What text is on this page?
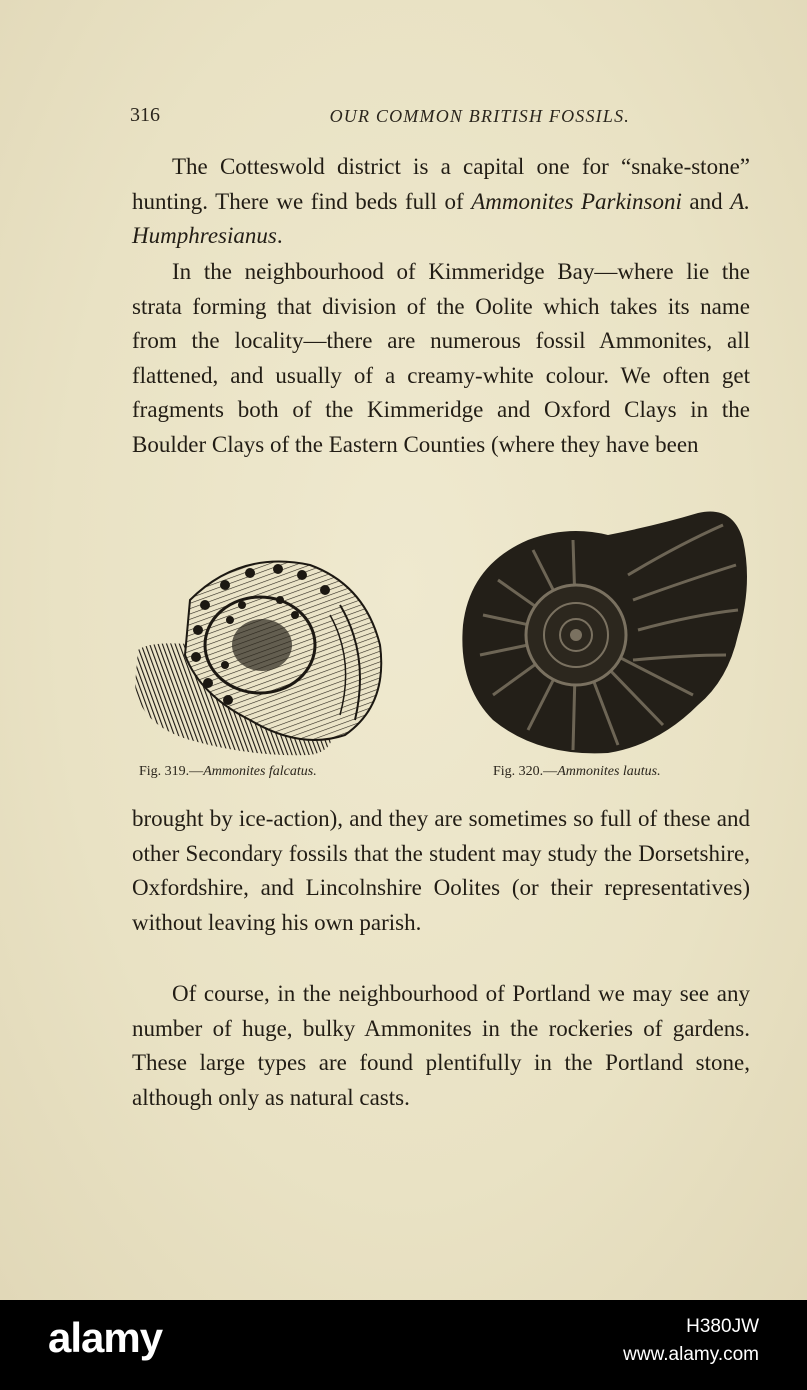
316	OUR COMMON BRITISH FOSSILS.

The Cotteswold district is a capital one for “snake-stone” hunting. There we find beds full of Ammonites Parkinsoni and A. Humphresianus.

In the neighbourhood of Kimmeridge Bay—where lie the strata forming that division of the Oolite which takes its name from the locality—there are numerous fossil Ammonites, all flattened, and usually of a creamy-white colour. We often get fragments both of the Kimmeridge and Oxford Clays in the Boulder Clays of the Eastern Counties (where they have been

Fig. 319.—Ammonites falcatus.	Fig. 320.—Ammonites lautus.

brought by ice-action), and they are sometimes so full of these and other Secondary fossils that the student may study the Dorsetshire, Oxfordshire, and Lincolnshire Oolites (or their representatives) without leaving his own parish.

Of course, in the neighbourhood of Portland we may see any number of huge, bulky Ammonites in the rockeries of gardens. These large types are found plentifully in the Portland stone, although only as natural casts.

alamy	H380JW
www.alamy.com
